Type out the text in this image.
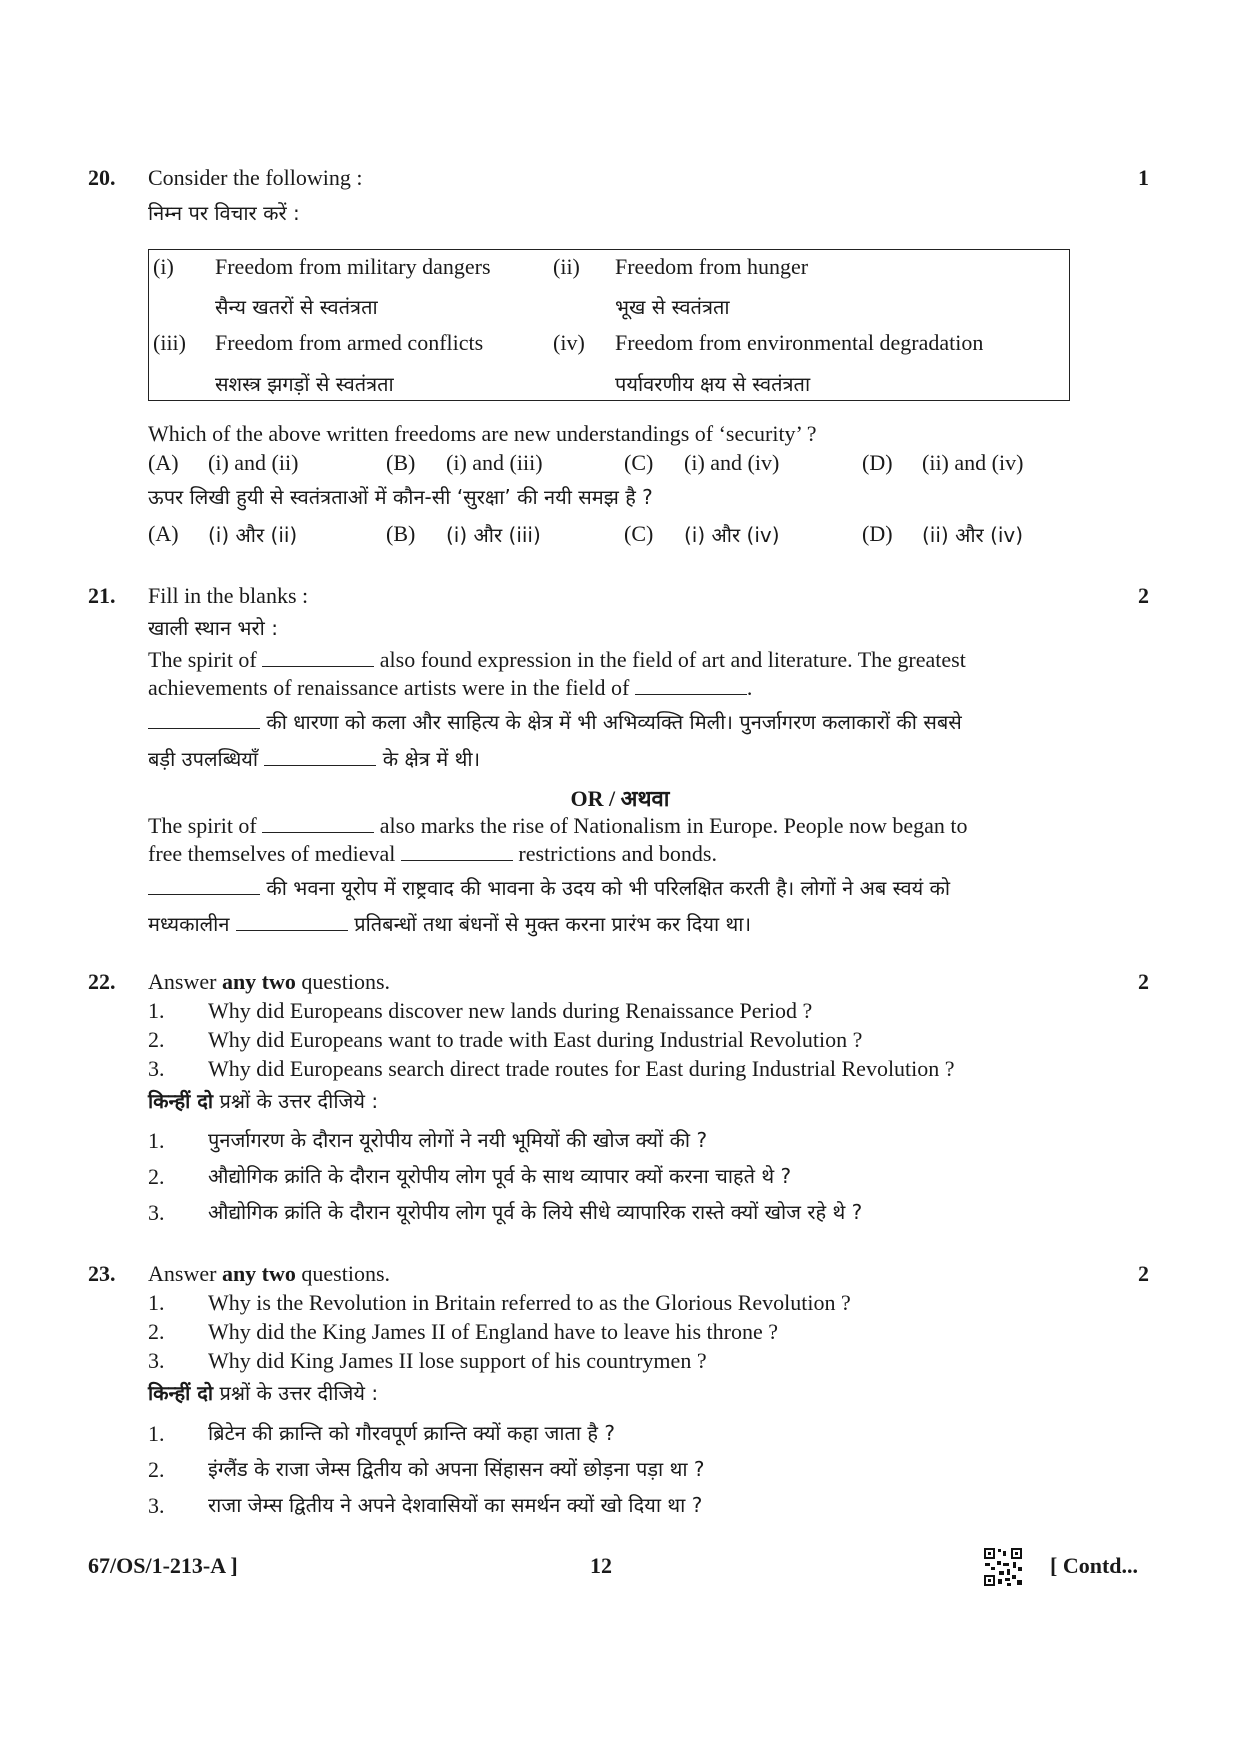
20.	1
Consider the following :
निम्न पर विचार करें :
(i) Freedom from military dangers
सैन्य खतरों से स्वतंत्रता
(ii) Freedom from hunger
भूख से स्वतंत्रता
(iii) Freedom from armed conflicts
सशस्त्र झगड़ों से स्वतंत्रता
(iv) Freedom from environmental degradation
पर्यावरणीय क्षय से स्वतंत्रता
Which of the above written freedoms are new understandings of ‘security’ ?
(A) (i) and (ii)	(B) (i) and (iii)	(C) (i) and (iv)	(D) (ii) and (iv)
ऊपर लिखी हुयी से स्वतंत्रताओं में कौन-सी ‘सुरक्षा’ की नयी समझ है ?
(A) (i) और (ii)	(B) (i) और (iii)	(C) (i) और (iv)	(D) (ii) और (iv)
21.	2
Fill in the blanks :
खाली स्थान भरो :
The spirit of	also found expression in the field of art and literature. The greatest
achievements of renaissance artists were in the field of	.
की धारणा को कला और साहित्य के क्षेत्र में भी अभिव्यक्ति मिली। पुनर्जागरण कलाकारों की सबसे
बड़ी उपलब्धियाँ	के क्षेत्र में थी।
OR / अथवा
The spirit of	also marks the rise of Nationalism in Europe. People now began to
free themselves of medieval	restrictions and bonds.
की भवना यूरोप में राष्ट्रवाद की भावना के उदय को भी परिलक्षित करती है। लोगों ने अब स्वयं को
मध्यकालीन	प्रतिबन्धों तथा बंधनों से मुक्त करना प्रारंभ कर दिया था।
22.	2
Answer any two questions.
1. Why did Europeans discover new lands during Renaissance Period ?
2. Why did Europeans want to trade with East during Industrial Revolution ?
3. Why did Europeans search direct trade routes for East during Industrial Revolution ?
किन्हीं दो प्रश्नों के उत्तर दीजिये :
1. पुनर्जागरण के दौरान यूरोपीय लोगों ने नयी भूमियों की खोज क्यों की ?
2. औद्योगिक क्रांति के दौरान यूरोपीय लोग पूर्व के साथ व्यापार क्यों करना चाहते थे ?
3. औद्योगिक क्रांति के दौरान यूरोपीय लोग पूर्व के लिये सीधे व्यापारिक रास्ते क्यों खोज रहे थे ?
23.	2
Answer any two questions.
1. Why is the Revolution in Britain referred to as the Glorious Revolution ?
2. Why did the King James II of England have to leave his throne ?
3. Why did King James II lose support of his countrymen ?
किन्हीं दो प्रश्नों के उत्तर दीजिये :
1. ब्रिटेन की क्रान्ति को गौरवपूर्ण क्रान्ति क्यों कहा जाता है ?
2. इंग्लैंड के राजा जेम्स द्वितीय को अपना सिंहासन क्यों छोड़ना पड़ा था ?
3. राजा जेम्स द्वितीय ने अपने देशवासियों का समर्थन क्यों खो दिया था ?
67/OS/1-213-A ]	12	[ Contd...
